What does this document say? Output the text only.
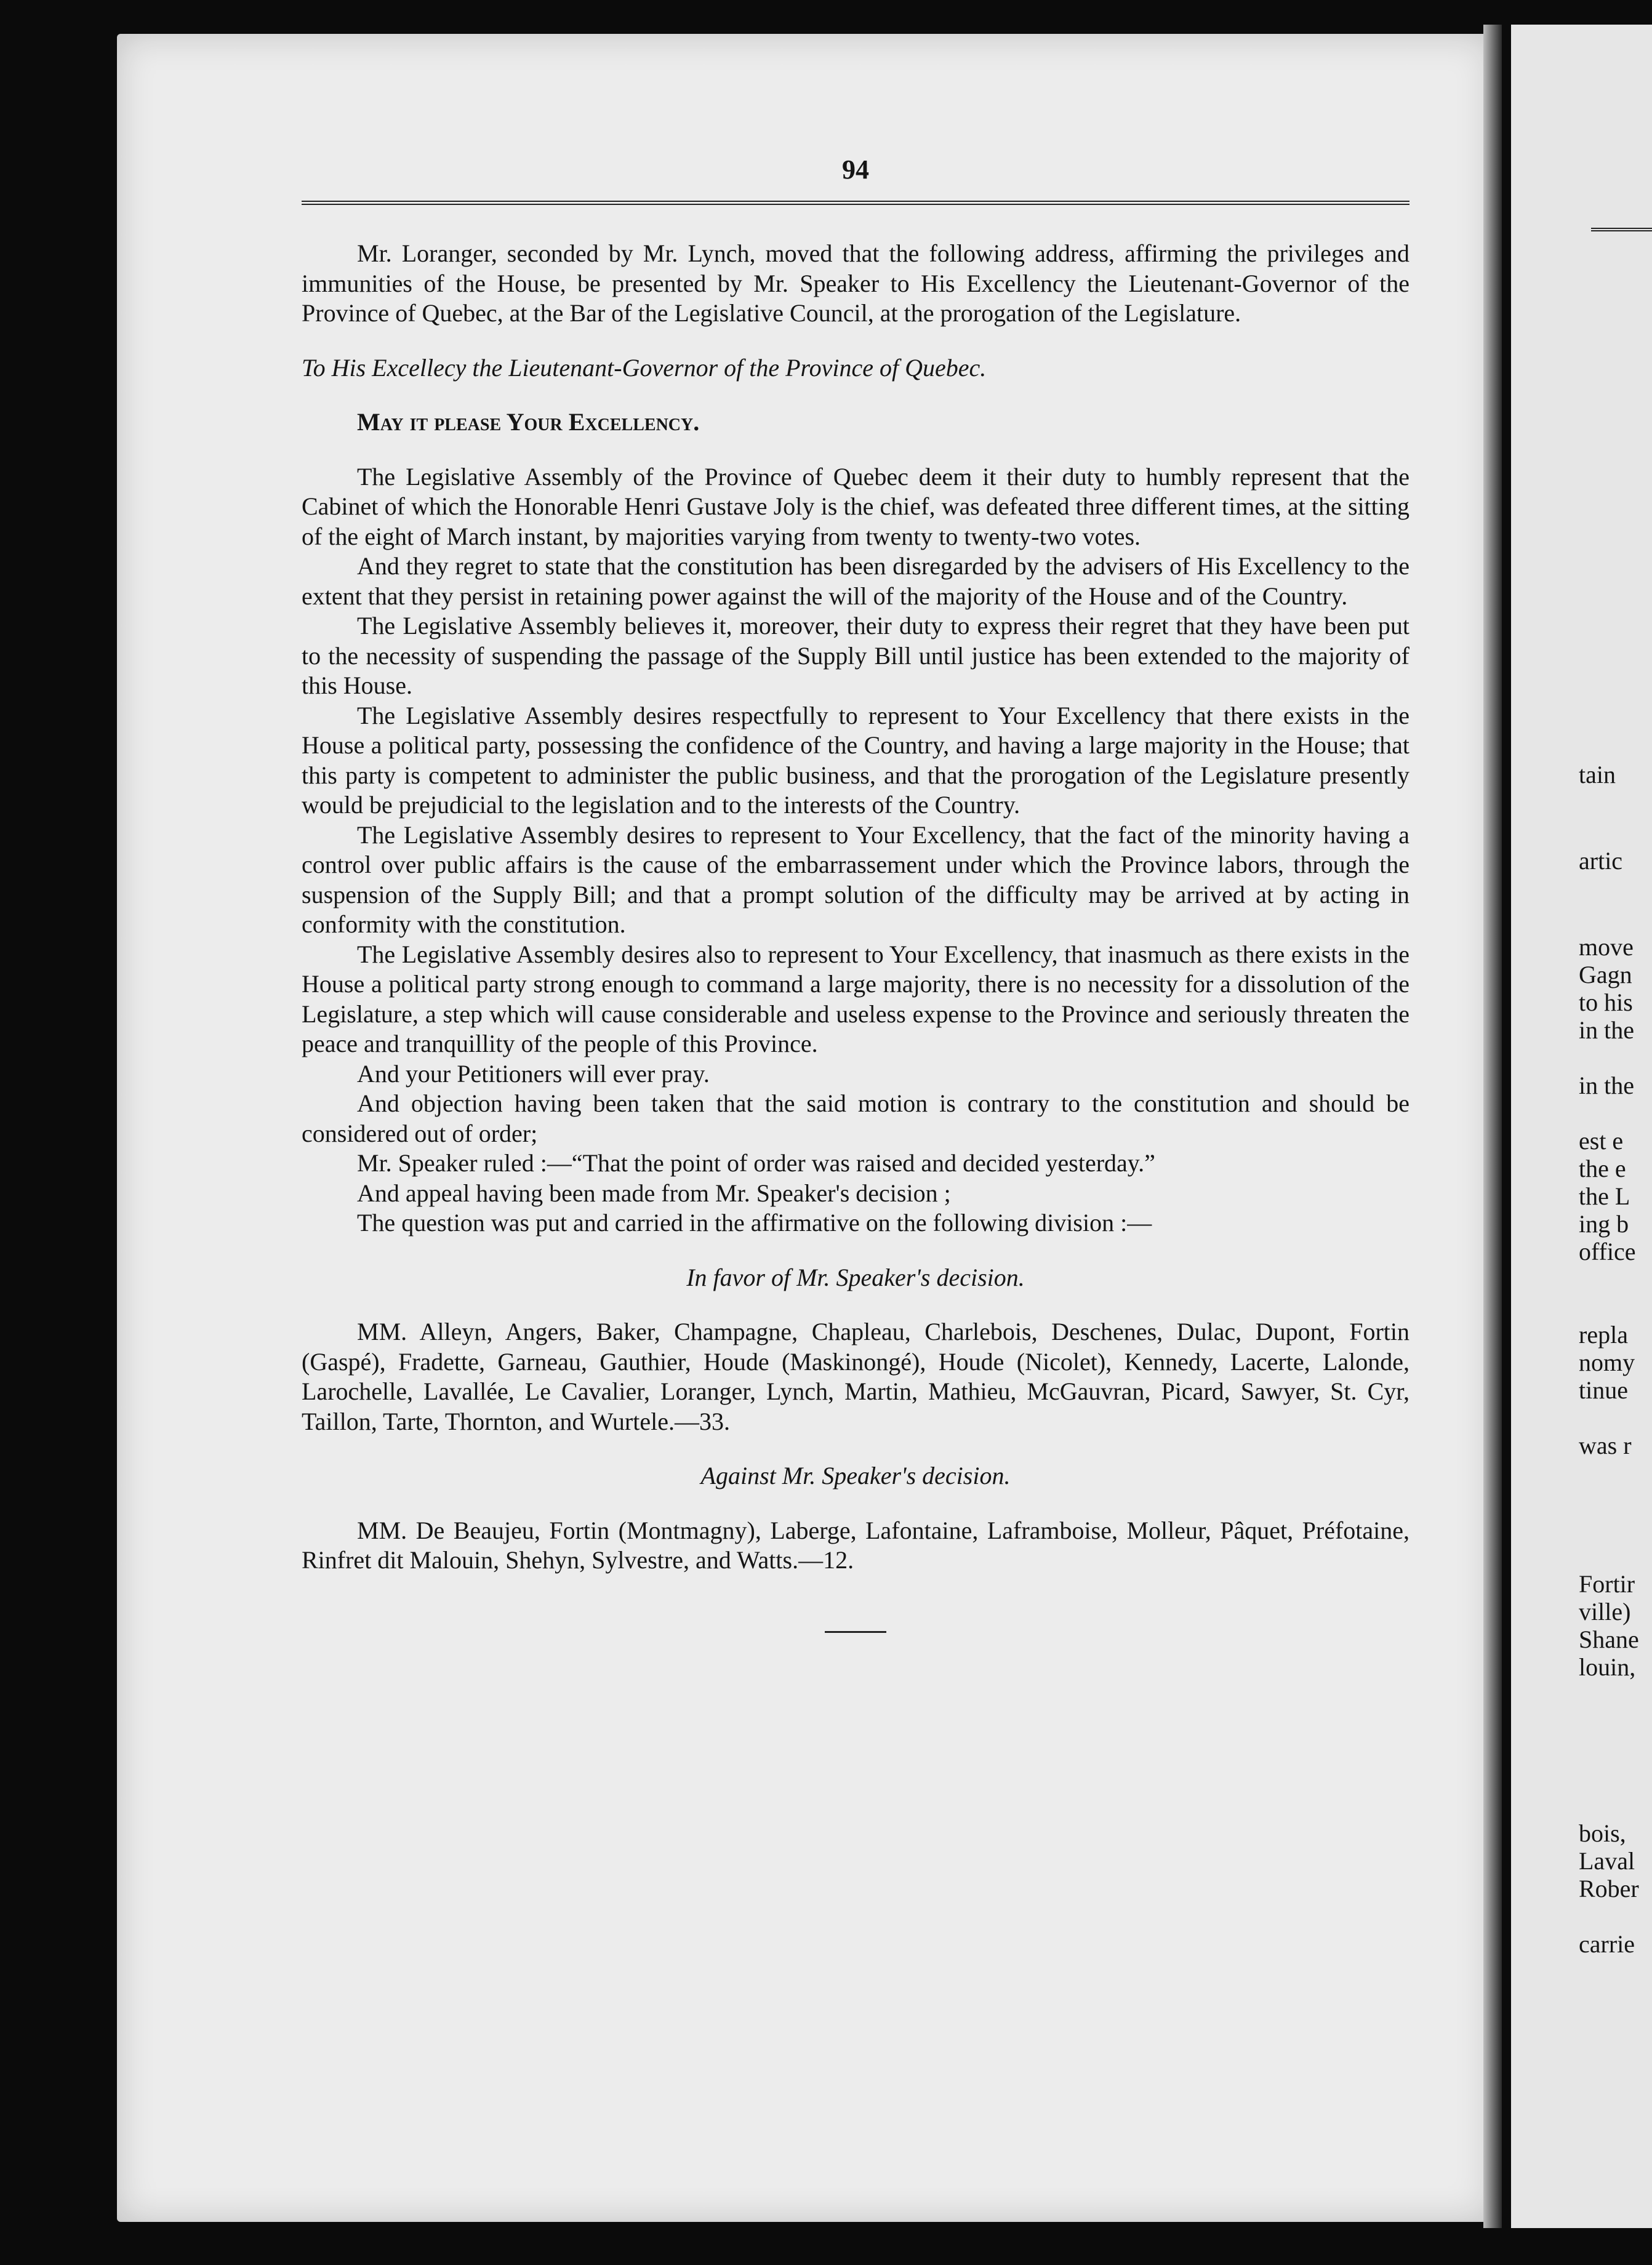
tain
artic
move
Gagn
to his
in the
in the
est e
the e
the L
ing b
office
repla
nomy
tinue
was r
Fortir
ville)
Shane
louin,
bois,
Laval
Rober
carrie
94

Mr. Loranger, seconded by Mr. Lynch, moved that the following address, affirming the privileges and immunities of the House, be presented by Mr. Speaker to His Excellency the Lieutenant-Governor of the Province of Quebec, at the Bar of the Legislative Council, at the prorogation of the Legislature.

To His Excellecy the Lieutenant-Governor of the Province of Quebec.

May it please Your Excellency.

The Legislative Assembly of the Province of Quebec deem it their duty to humbly represent that the Cabinet of which the Honorable Henri Gustave Joly is the chief, was defeated three different times, at the sitting of the eight of March instant, by majorities varying from twenty to twenty-two votes.

And they regret to state that the constitution has been disregarded by the advisers of His Excellency to the extent that they persist in retaining power against the will of the majority of the House and of the Country.

The Legislative Assembly believes it, moreover, their duty to express their regret that they have been put to the necessity of suspending the passage of the Supply Bill until justice has been extended to the majority of this House.

The Legislative Assembly desires respectfully to represent to Your Excellency that there exists in the House a political party, possessing the confidence of the Country, and having a large majority in the House; that this party is competent to administer the public business, and that the prorogation of the Legislature presently would be prejudicial to the legislation and to the interests of the Country.

The Legislative Assembly desires to represent to Your Excellency, that the fact of the minority having a control over public affairs is the cause of the embarrassement under which the Province labors, through the suspension of the Supply Bill; and that a prompt solution of the difficulty may be arrived at by acting in conformity with the constitution.

The Legislative Assembly desires also to represent to Your Excellency, that inasmuch as there exists in the House a political party strong enough to command a large majority, there is no necessity for a dissolution of the Legislature, a step which will cause considerable and useless expense to the Province and seriously threaten the peace and tranquillity of the people of this Province.

And your Petitioners will ever pray.

And objection having been taken that the said motion is contrary to the constitution and should be considered out of order;

Mr. Speaker ruled :—“That the point of order was raised and decided yesterday.”

And appeal having been made from Mr. Speaker's decision ;

The question was put and carried in the affirmative on the following division :—

In favor of Mr. Speaker's decision.

MM. Alleyn, Angers, Baker, Champagne, Chapleau, Charlebois, Deschenes, Dulac, Dupont, Fortin (Gaspé), Fradette, Garneau, Gauthier, Houde (Maskinongé), Houde (Nicolet), Kennedy, Lacerte, Lalonde, Larochelle, Lavallée, Le Cavalier, Loranger, Lynch, Martin, Mathieu, McGauvran, Picard, Sawyer, St. Cyr, Taillon, Tarte, Thornton, and Wurtele.—33.

Against Mr. Speaker's decision.

MM. De Beaujeu, Fortin (Montmagny), Laberge, Lafontaine, Laframboise, Molleur, Pâquet, Préfotaine, Rinfret dit Malouin, Shehyn, Sylvestre, and Watts.—12.
